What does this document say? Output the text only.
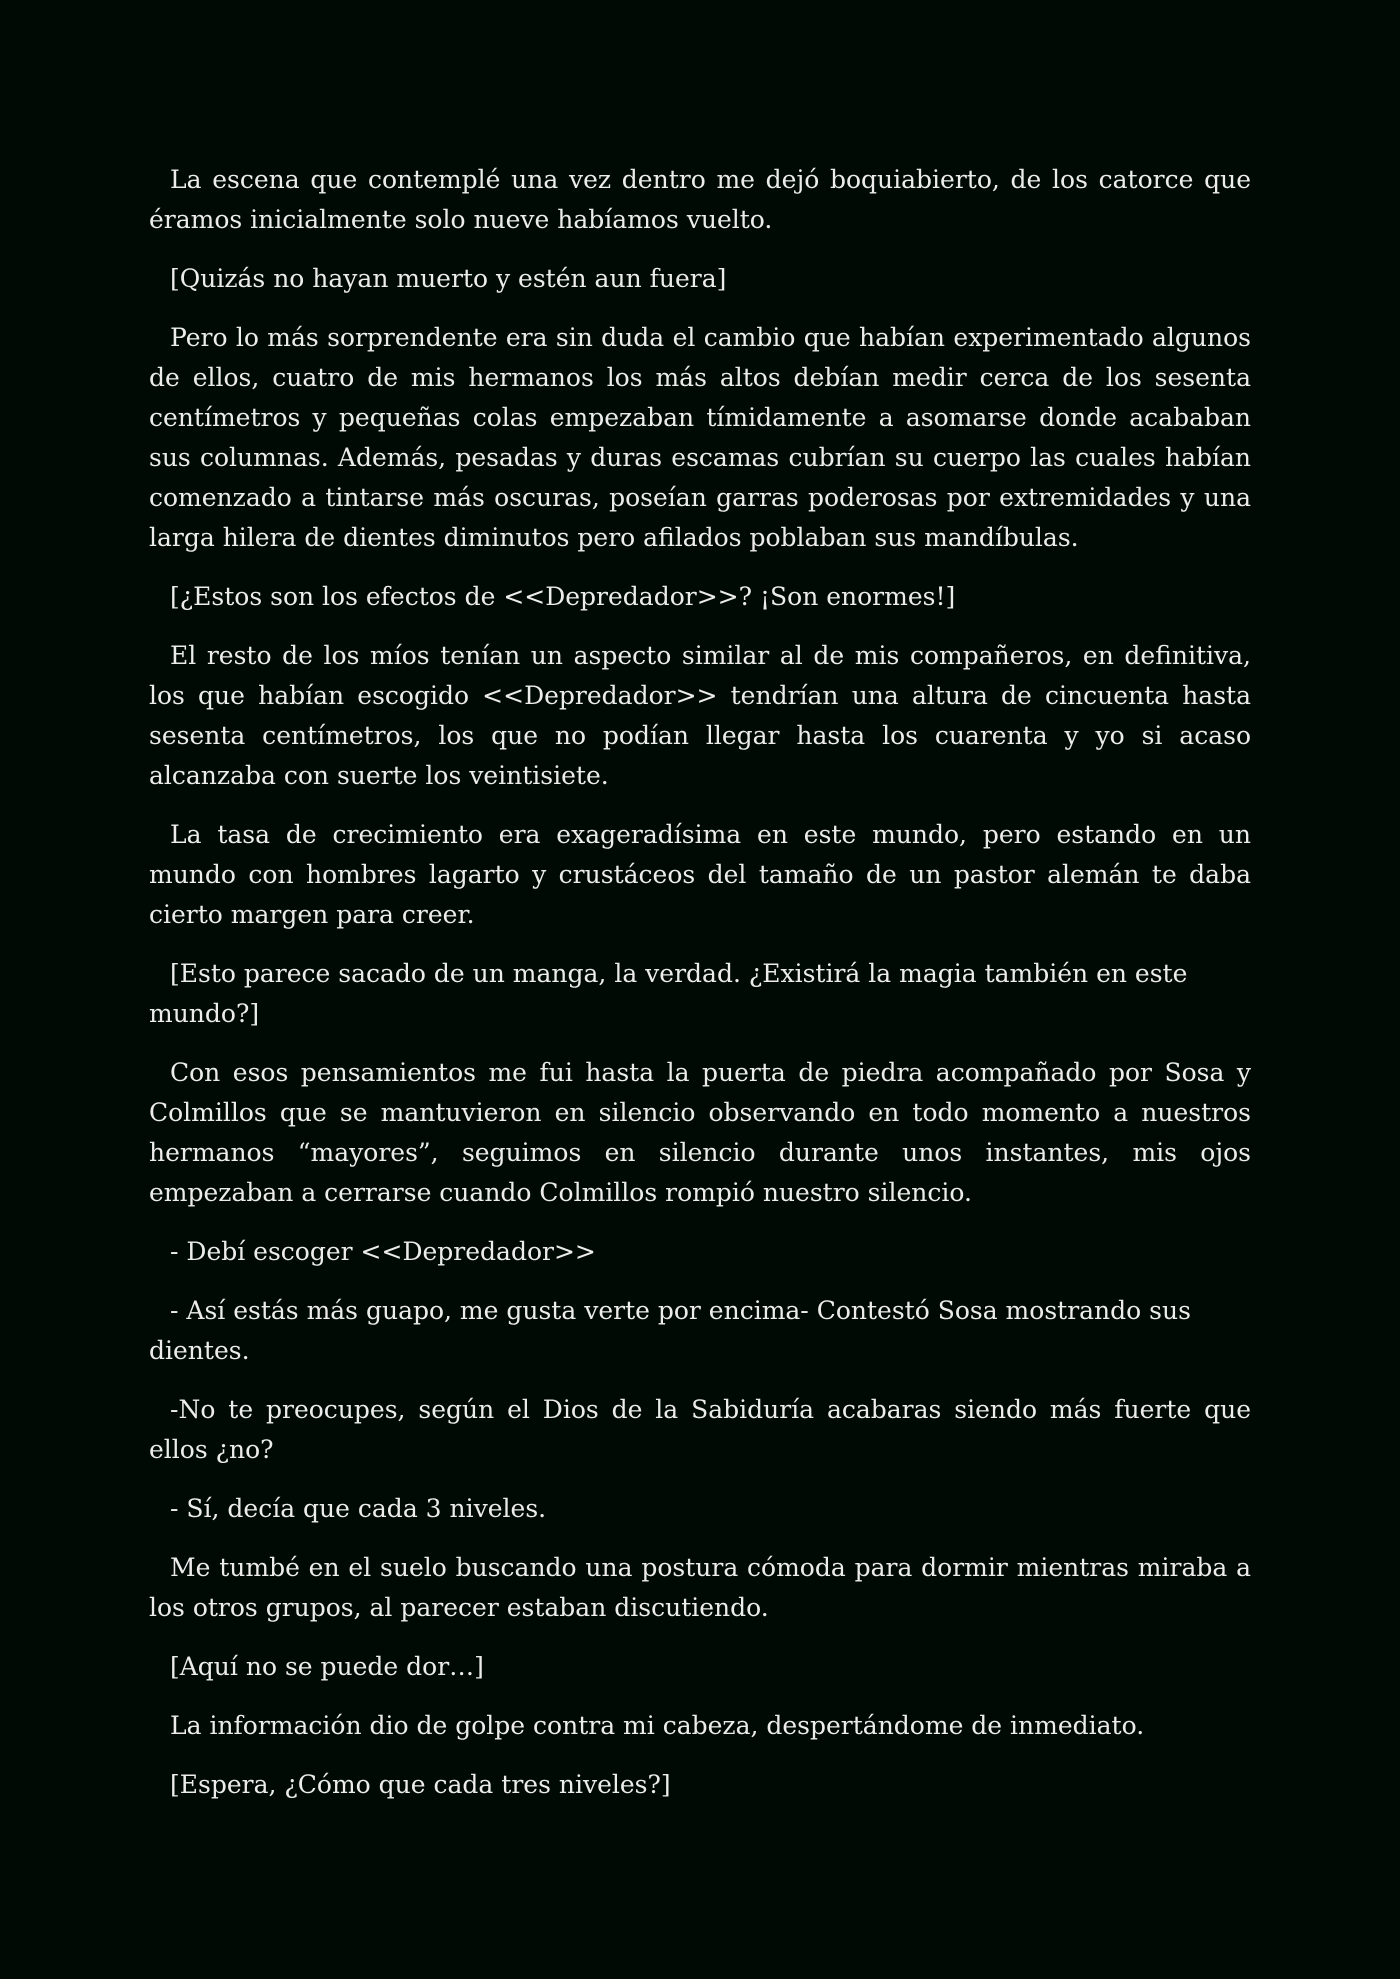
La escena que contemplé una vez dentro me dejó boquiabierto, de los catorce que éramos inicialmente solo nueve habíamos vuelto.

[Quizás no hayan muerto y estén aun fuera]

Pero lo más sorprendente era sin duda el cambio que habían experimentado algunos de ellos, cuatro de mis hermanos los más altos debían medir cerca de los sesenta centímetros y pequeñas colas empezaban tímidamente a asomarse donde acababan sus columnas. Además, pesadas y duras escamas cubrían su cuerpo las cuales habían comenzado a tintarse más oscuras, poseían garras poderosas por extremidades y una larga hilera de dientes diminutos pero afilados poblaban sus mandíbulas.

[¿Estos son los efectos de <<Depredador>>? ¡Son enormes!]

El resto de los míos tenían un aspecto similar al de mis compañeros, en definitiva, los que habían escogido <<Depredador>> tendrían una altura de cincuenta hasta sesenta centímetros, los que no podían llegar hasta los cuarenta y yo si acaso alcanzaba con suerte los veintisiete.

La tasa de crecimiento era exageradísima en este mundo, pero estando en un mundo con hombres lagarto y crustáceos del tamaño de un pastor alemán te daba cierto margen para creer.

[Esto parece sacado de un manga, la verdad. ¿Existirá la magia también en este mundo?]

Con esos pensamientos me fui hasta la puerta de piedra acompañado por Sosa y Colmillos que se mantuvieron en silencio observando en todo momento a nuestros hermanos “mayores”, seguimos en silencio durante unos instantes, mis ojos empezaban a cerrarse cuando Colmillos rompió nuestro silencio.

- Debí escoger <<Depredador>>

- Así estás más guapo, me gusta verte por encima- Contestó Sosa mostrando sus dientes.

-No te preocupes, según el Dios de la Sabiduría acabaras siendo más fuerte que ellos ¿no?

- Sí, decía que cada 3 niveles.

Me tumbé en el suelo buscando una postura cómoda para dormir mientras miraba a los otros grupos, al parecer estaban discutiendo.

[Aquí no se puede dor…]

La información dio de golpe contra mi cabeza, despertándome de inmediato.

[Espera, ¿Cómo que cada tres niveles?]
